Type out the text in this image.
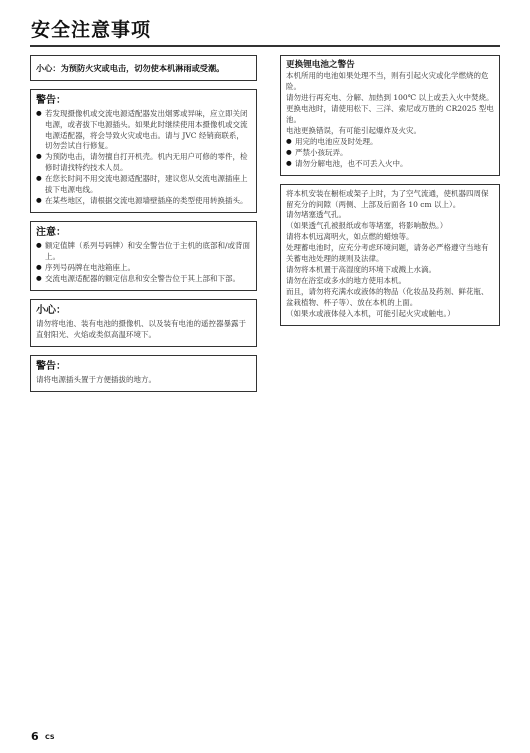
安全注意事项
小心：为预防火灾或电击，切勿使本机淋雨或受潮。
警告：
● 若发现摄像机或交流电源适配器发出烟雾或异味，应立即关闭电源，或者拔下电源插头。如果此时继续使用本摄像机或交流电源适配器，将会导致火灾或电击。请与 JVC 经销商联系，切勿尝试自行修复。
● 为预防电击，请勿擅自打开机壳。机内无用户可修的零件，检修时请找特约技术人员。
● 在您长时间不用交流电源适配器时，建议您从交流电源插座上拔下电源电线。
● 在某些地区，请根据交流电源墙壁插座的类型使用转换插头。
注意：
● 额定值牌（系列号码牌）和安全警告位于主机的底部和/或背面上。
● 序列号码牌在电池箱座上。
● 交流电源适配器的额定信息和安全警告位于其上部和下部。
小心：

请勿将电池、装有电池的摄像机、以及装有电池的遥控器暴露于直射阳光、火焰或类似高温环境下。

警告：

请将电源插头置于方便插拔的地方。

更换锂电池之警告

本机所用的电池如果处理不当，则有引起火灾或化学燃烧的危险。

请勿进行再充电、分解、加热到 100℃ 以上或丢入火中焚烧。

更换电池时，请使用松下、三洋、索尼或万胜的 CR2025 型电池。

电池更换错误，有可能引起爆炸及火灾。

● 用完的电池应及时处理。
● 严禁小孩玩弄。
● 请勿分解电池，也不可丢入火中。

将本机安装在橱柜或架子上时，为了空气流通，使机器四周保留充分的间隙（两侧、上部及后面各 10 cm 以上）。

请勿堵塞透气孔。

（如果透气孔被报纸或布等堵塞，将影响散热。）

请将本机远离明火，如点燃的蜡烛等。

处理蓄电池时，应充分考虑环境问题，请务必严格遵守当地有关蓄电池处理的规则及法律。

请勿将本机置于高湿度的环境下或溅上水滴。

请勿在浴室或多水的地方使用本机。

而且，请勿将充满水或液体的物品（化妆品及药剂、鲜花瓶、盆栽植物、杯子等）、放在本机的上面。

（如果水或液体侵入本机，可能引起火灾或触电。）

6 CS
